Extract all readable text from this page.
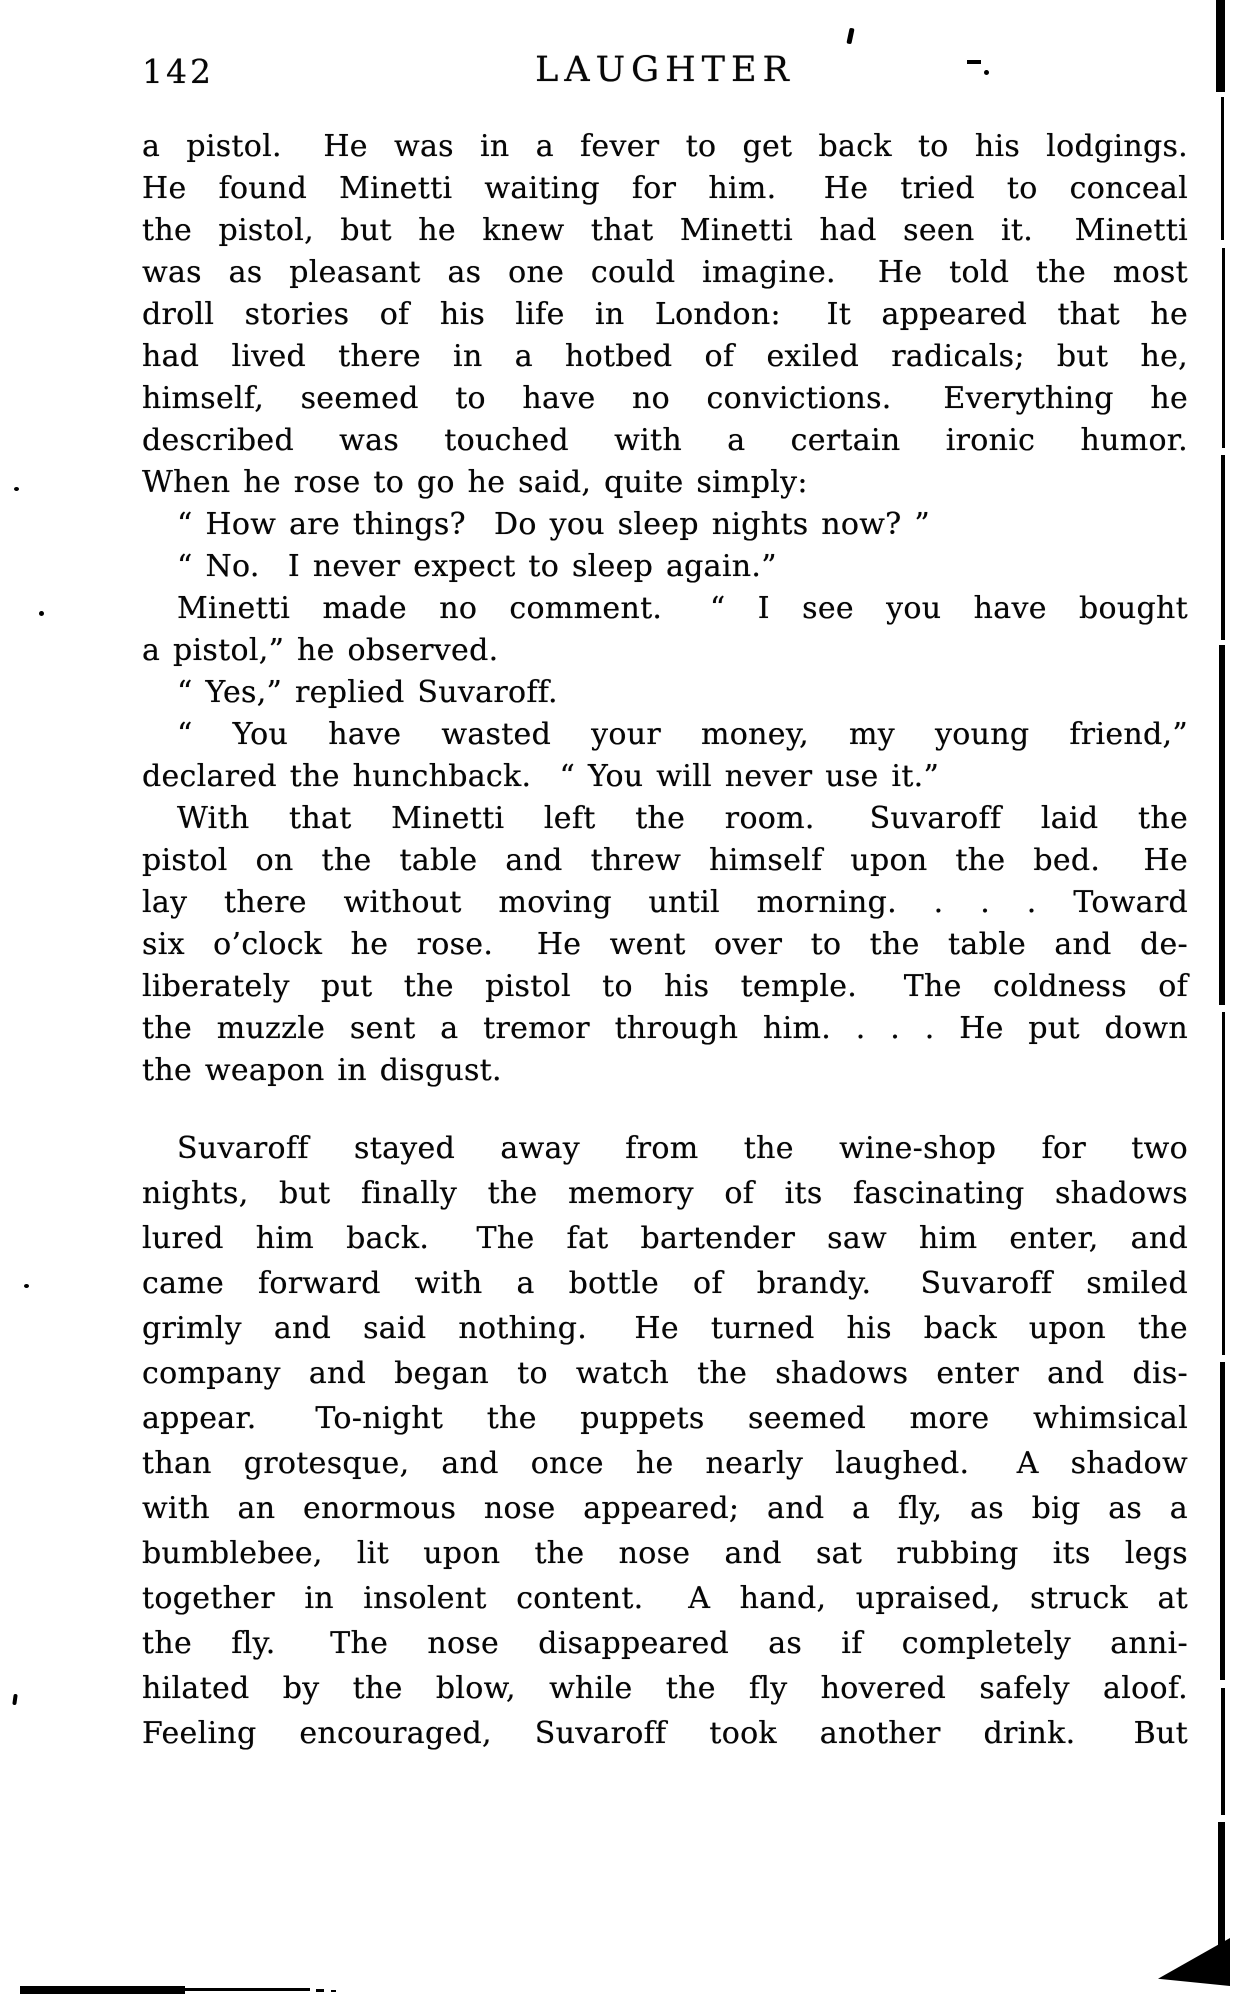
142	LAUGHTER
a pistol.  He was in a fever to get back to his lodgings.
He found Minetti waiting for him.  He tried to conceal
the pistol, but he knew that Minetti had seen it.  Minetti
was as pleasant as one could imagine.  He told the most
droll stories of his life in London:  It appeared that he
had lived there in a hotbed of exiled radicals; but he,
himself, seemed to have no convictions.  Everything he
described was touched with a certain ironic humor.
When he rose to go he said, quite simply:
“ How are things?  Do you sleep nights now? ”
“ No.  I never expect to sleep again.”
Minetti made no comment.  “ I see you have bought
a pistol,” he observed.
“ Yes,” replied Suvaroff.
“ You have wasted your money, my young friend,”
declared the hunchback.  “ You will never use it.”
With that Minetti left the room.  Suvaroff laid the
pistol on the table and threw himself upon the bed.  He
lay there without moving until morning. . . . Toward
six o’clock he rose.  He went over to the table and de-
liberately put the pistol to his temple.  The coldness of
the muzzle sent a tremor through him. . . . He put down
the weapon in disgust.
Suvaroff stayed away from the wine-shop for two
nights, but finally the memory of its fascinating shadows
lured him back.  The fat bartender saw him enter, and
came forward with a bottle of brandy.  Suvaroff smiled
grimly and said nothing.  He turned his back upon the
company and began to watch the shadows enter and dis-
appear.  To-night the puppets seemed more whimsical
than grotesque, and once he nearly laughed.  A shadow
with an enormous nose appeared; and a fly, as big as a
bumblebee, lit upon the nose and sat rubbing its legs
together in insolent content.  A hand, upraised, struck at
the fly.  The nose disappeared as if completely anni-
hilated by the blow, while the fly hovered safely aloof.
Feeling encouraged, Suvaroff took another drink.  But
